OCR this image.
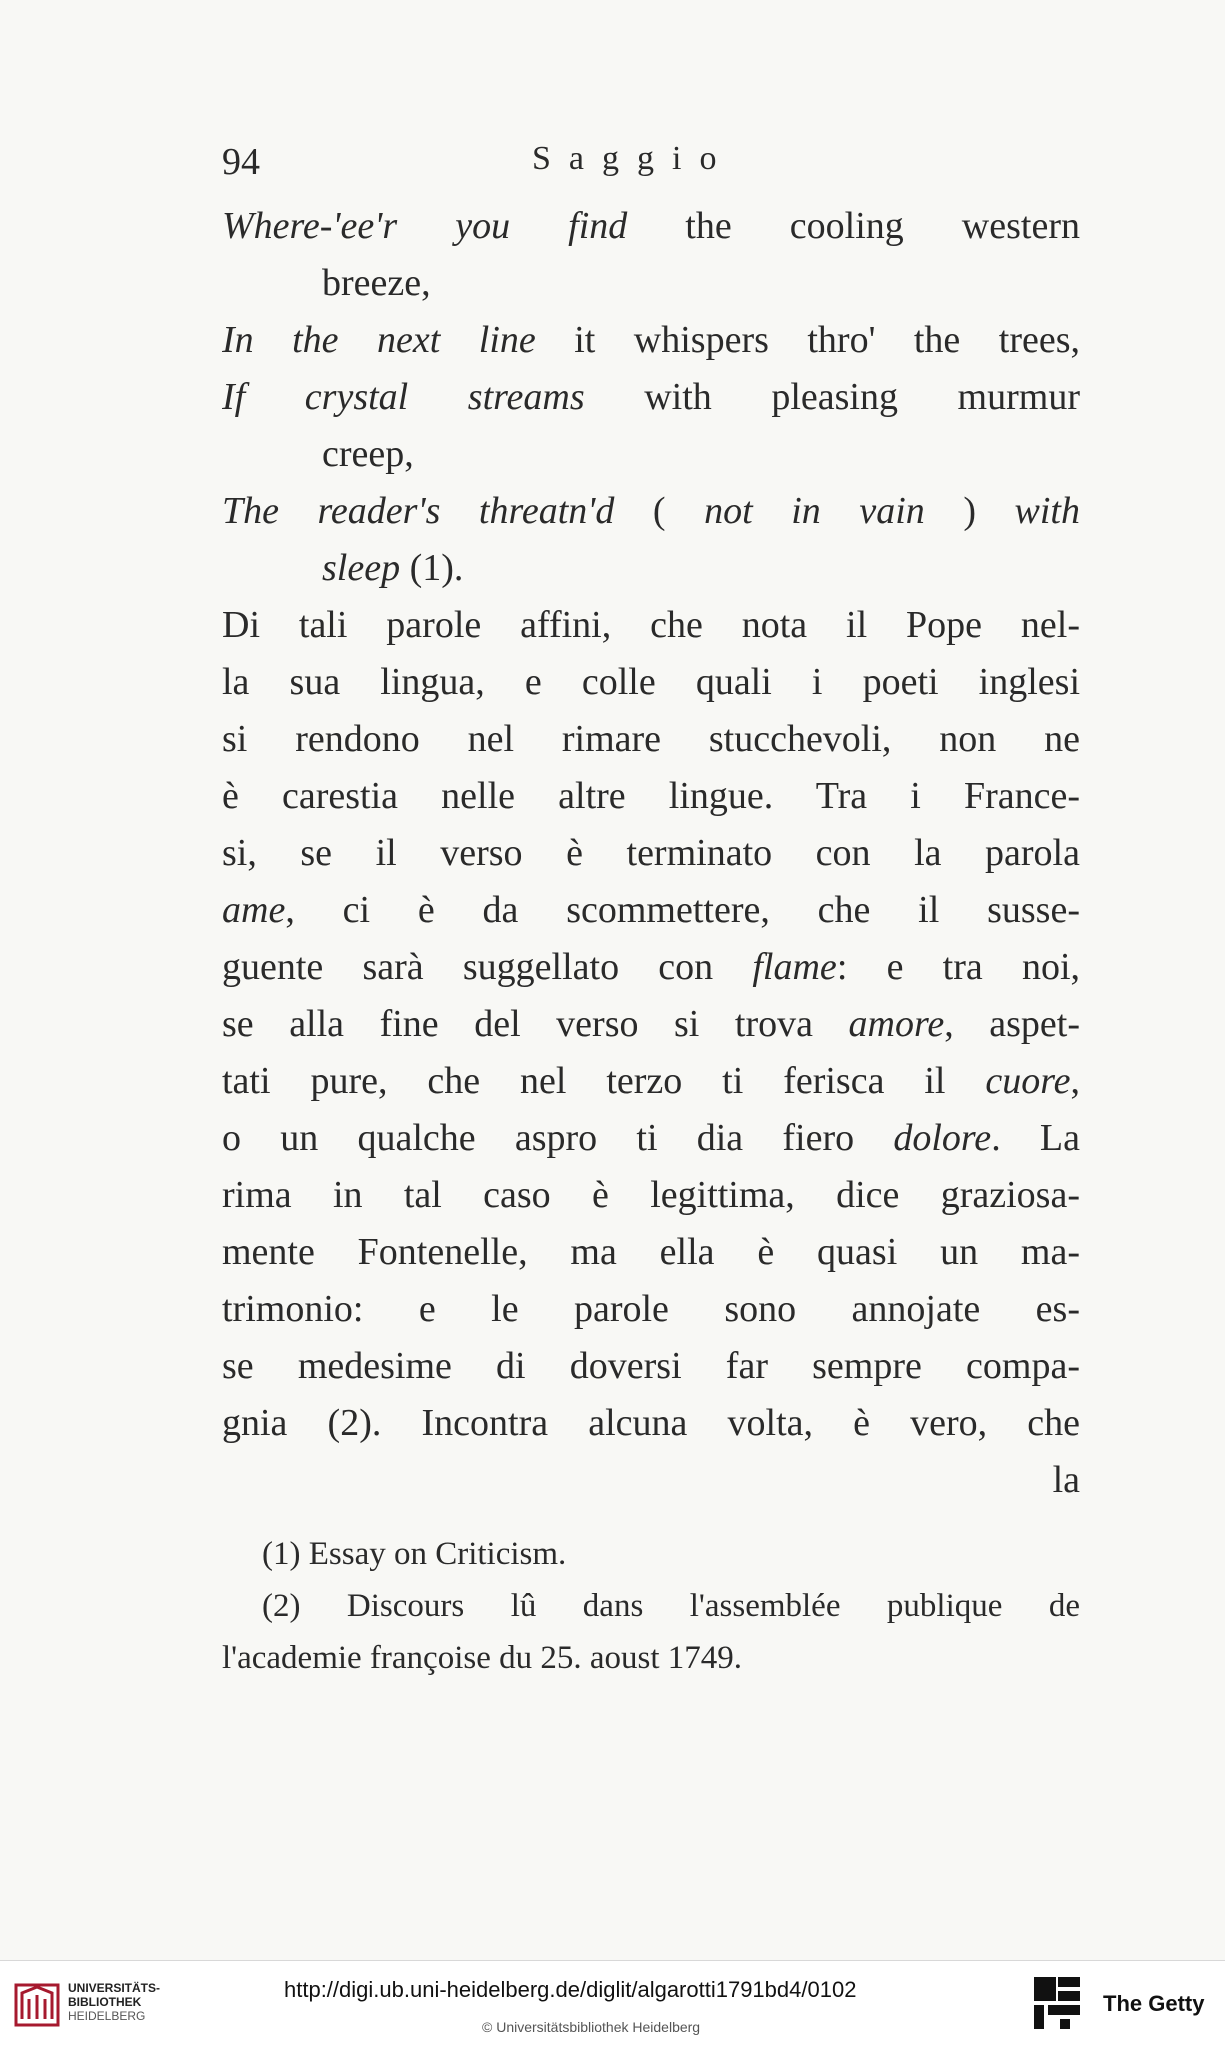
94	Saggio
Where-'ee'r you find the cooling western
breeze,
In the next line it whispers thro' the trees,
If crystal streams with pleasing murmur
creep,
The reader's threatn'd ( not in vain ) with
sleep (1).
Di tali parole affini, che nota il Pope nel-
la sua lingua, e colle quali i poeti inglesi
si rendono nel rimare stucchevoli, non ne
è carestia nelle altre lingue. Tra i France-
si, se il verso è terminato con la parola
ame, ci è da scommettere, che il susse-
guente sarà suggellato con flame: e tra noi,
se alla fine del verso si trova amore, aspet-
tati pure, che nel terzo ti ferisca il cuore,
o un qualche aspro ti dia fiero dolore. La
rima in tal caso è legittima, dice graziosa-
mente Fontenelle, ma ella è quasi un ma-
trimonio: e le parole sono annojate es-
se medesime di doversi far sempre compa-
gnia (2). Incontra alcuna volta, è vero, che
la
(1) Essay on Criticism.
(2) Discours lû dans l'assemblée publique de
l'academie françoise du 25. aoust 1749.
UNIVERSITÄTS-
BIBLIOTHEK
HEIDELBERG
http://digi.ub.uni-heidelberg.de/diglit/algarotti1791bd4/0102
© Universitätsbibliothek Heidelberg
The Getty
